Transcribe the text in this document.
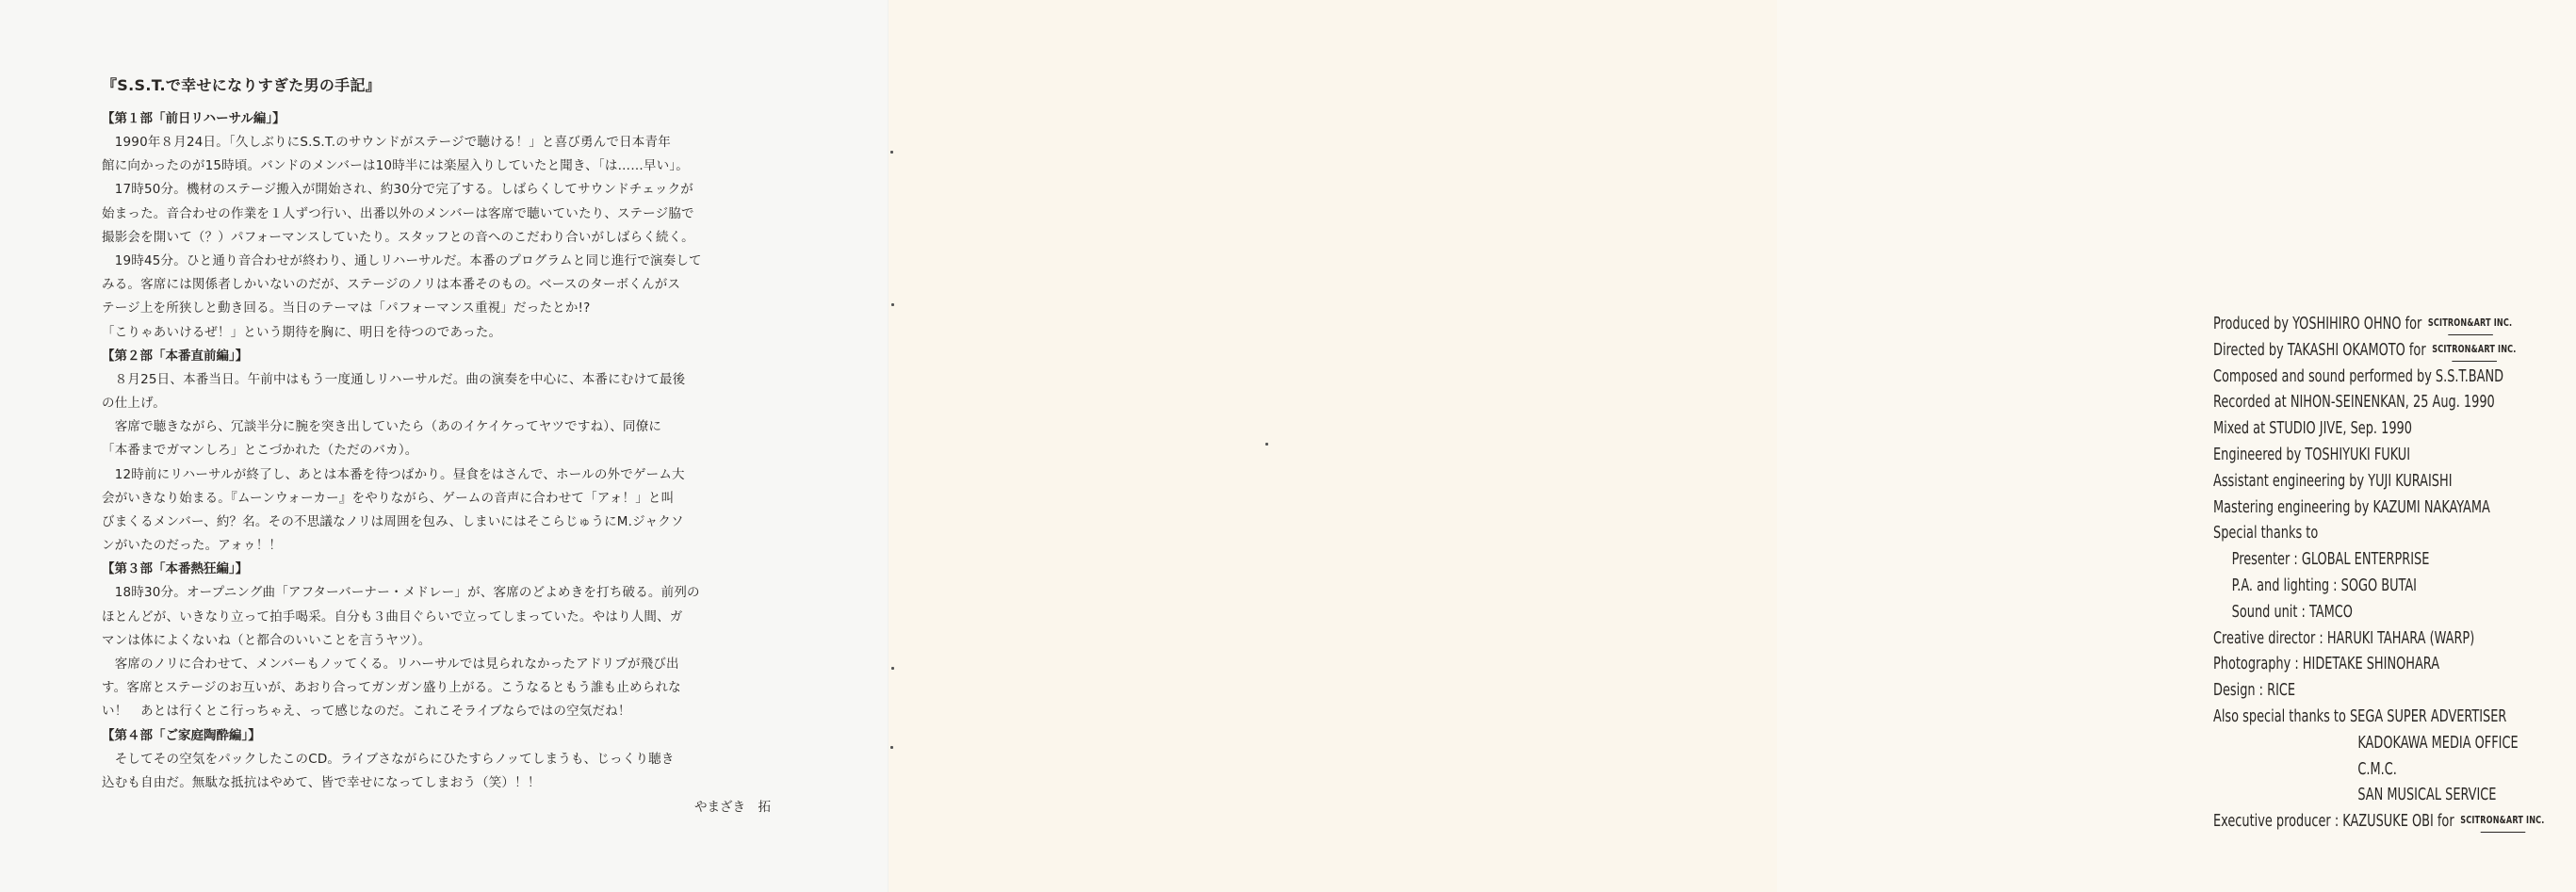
『S.S.T.で幸せになりすぎた男の手記』
【第１部「前日リハーサル編」】
　1990年８月24日。「久しぶりにS.S.T.のサウンドがステージで聴ける！」と喜び勇んで日本青年
館に向かったのが15時頃。バンドのメンバーは10時半には楽屋入りしていたと聞き、「は……早い」。
　17時50分。機材のステージ搬入が開始され、約30分で完了する。しばらくしてサウンドチェックが
始まった。音合わせの作業を１人ずつ行い、出番以外のメンバーは客席で聴いていたり、ステージ脇で
撮影会を開いて（？）パフォーマンスしていたり。スタッフとの音へのこだわり合いがしばらく続く。
　19時45分。ひと通り音合わせが終わり、通しリハーサルだ。本番のプログラムと同じ進行で演奏して
みる。客席には関係者しかいないのだが、ステージのノリは本番そのもの。ベースのターボくんがス
テージ上を所狭しと動き回る。当日のテーマは「パフォーマンス重視」だったとか!?
「こりゃあいけるぜ！」という期待を胸に、明日を待つのであった。
【第２部「本番直前編」】
　８月25日、本番当日。午前中はもう一度通しリハーサルだ。曲の演奏を中心に、本番にむけて最後
の仕上げ。
　客席で聴きながら、冗談半分に腕を突き出していたら（あのイケイケってヤツですね）、同僚に
「本番までガマンしろ」とこづかれた（ただのバカ）。
　12時前にリハーサルが終了し、あとは本番を待つばかり。昼食をはさんで、ホールの外でゲーム大
会がいきなり始まる。『ムーンウォーカー』をやりながら、ゲームの音声に合わせて「アォ！」と叫
びまくるメンバー、約？名。その不思議なノリは周囲を包み、しまいにはそこらじゅうにM.ジャクソ
ンがいたのだった。アォゥ！！
【第３部「本番熱狂編」】
　18時30分。オープニング曲「アフターバーナー・メドレー」が、客席のどよめきを打ち破る。前列の
ほとんどが、いきなり立って拍手喝采。自分も３曲目ぐらいで立ってしまっていた。やはり人間、ガ
マンは体によくないね（と都合のいいことを言うヤツ）。
　客席のノリに合わせて、メンバーもノッてくる。リハーサルでは見られなかったアドリブが飛び出
す。客席とステージのお互いが、あおり合ってガンガン盛り上がる。こうなるともう誰も止められな
い！　あとは行くとこ行っちゃえ、って感じなのだ。これこそライブならではの空気だね！
【第４部「ご家庭陶酔編」】
　そしてその空気をパックしたこのCD。ライブさながらにひたすらノッてしまうも、じっくり聴き
込むも自由だ。無駄な抵抗はやめて、皆で幸せになってしまおう（笑）！！
やまざき　拓
Produced by YOSHIHIRO OHNO for SCITRON&ART INC.
Directed by TAKASHI OKAMOTO for SCITRON&ART INC.
Composed and sound performed by S.S.T.BAND
Recorded at NIHON-SEINENKAN, 25 Aug. 1990
Mixed at STUDIO JIVE, Sep. 1990
Engineered by TOSHIYUKI FUKUI
Assistant engineering by YUJI KURAISHI
Mastering engineering by KAZUMI NAKAYAMA
Special thanks to
Presenter : GLOBAL ENTERPRISE
P.A. and lighting : SOGO BUTAI
Sound unit : TAMCO
Creative director : HARUKI TAHARA (WARP)
Photography : HIDETAKE SHINOHARA
Design : RICE
Also special thanks to SEGA SUPER ADVERTISER
KADOKAWA MEDIA OFFICE
C.M.C.
SAN MUSICAL SERVICE
Executive producer : KAZUSUKE OBI for SCITRON&ART INC.
